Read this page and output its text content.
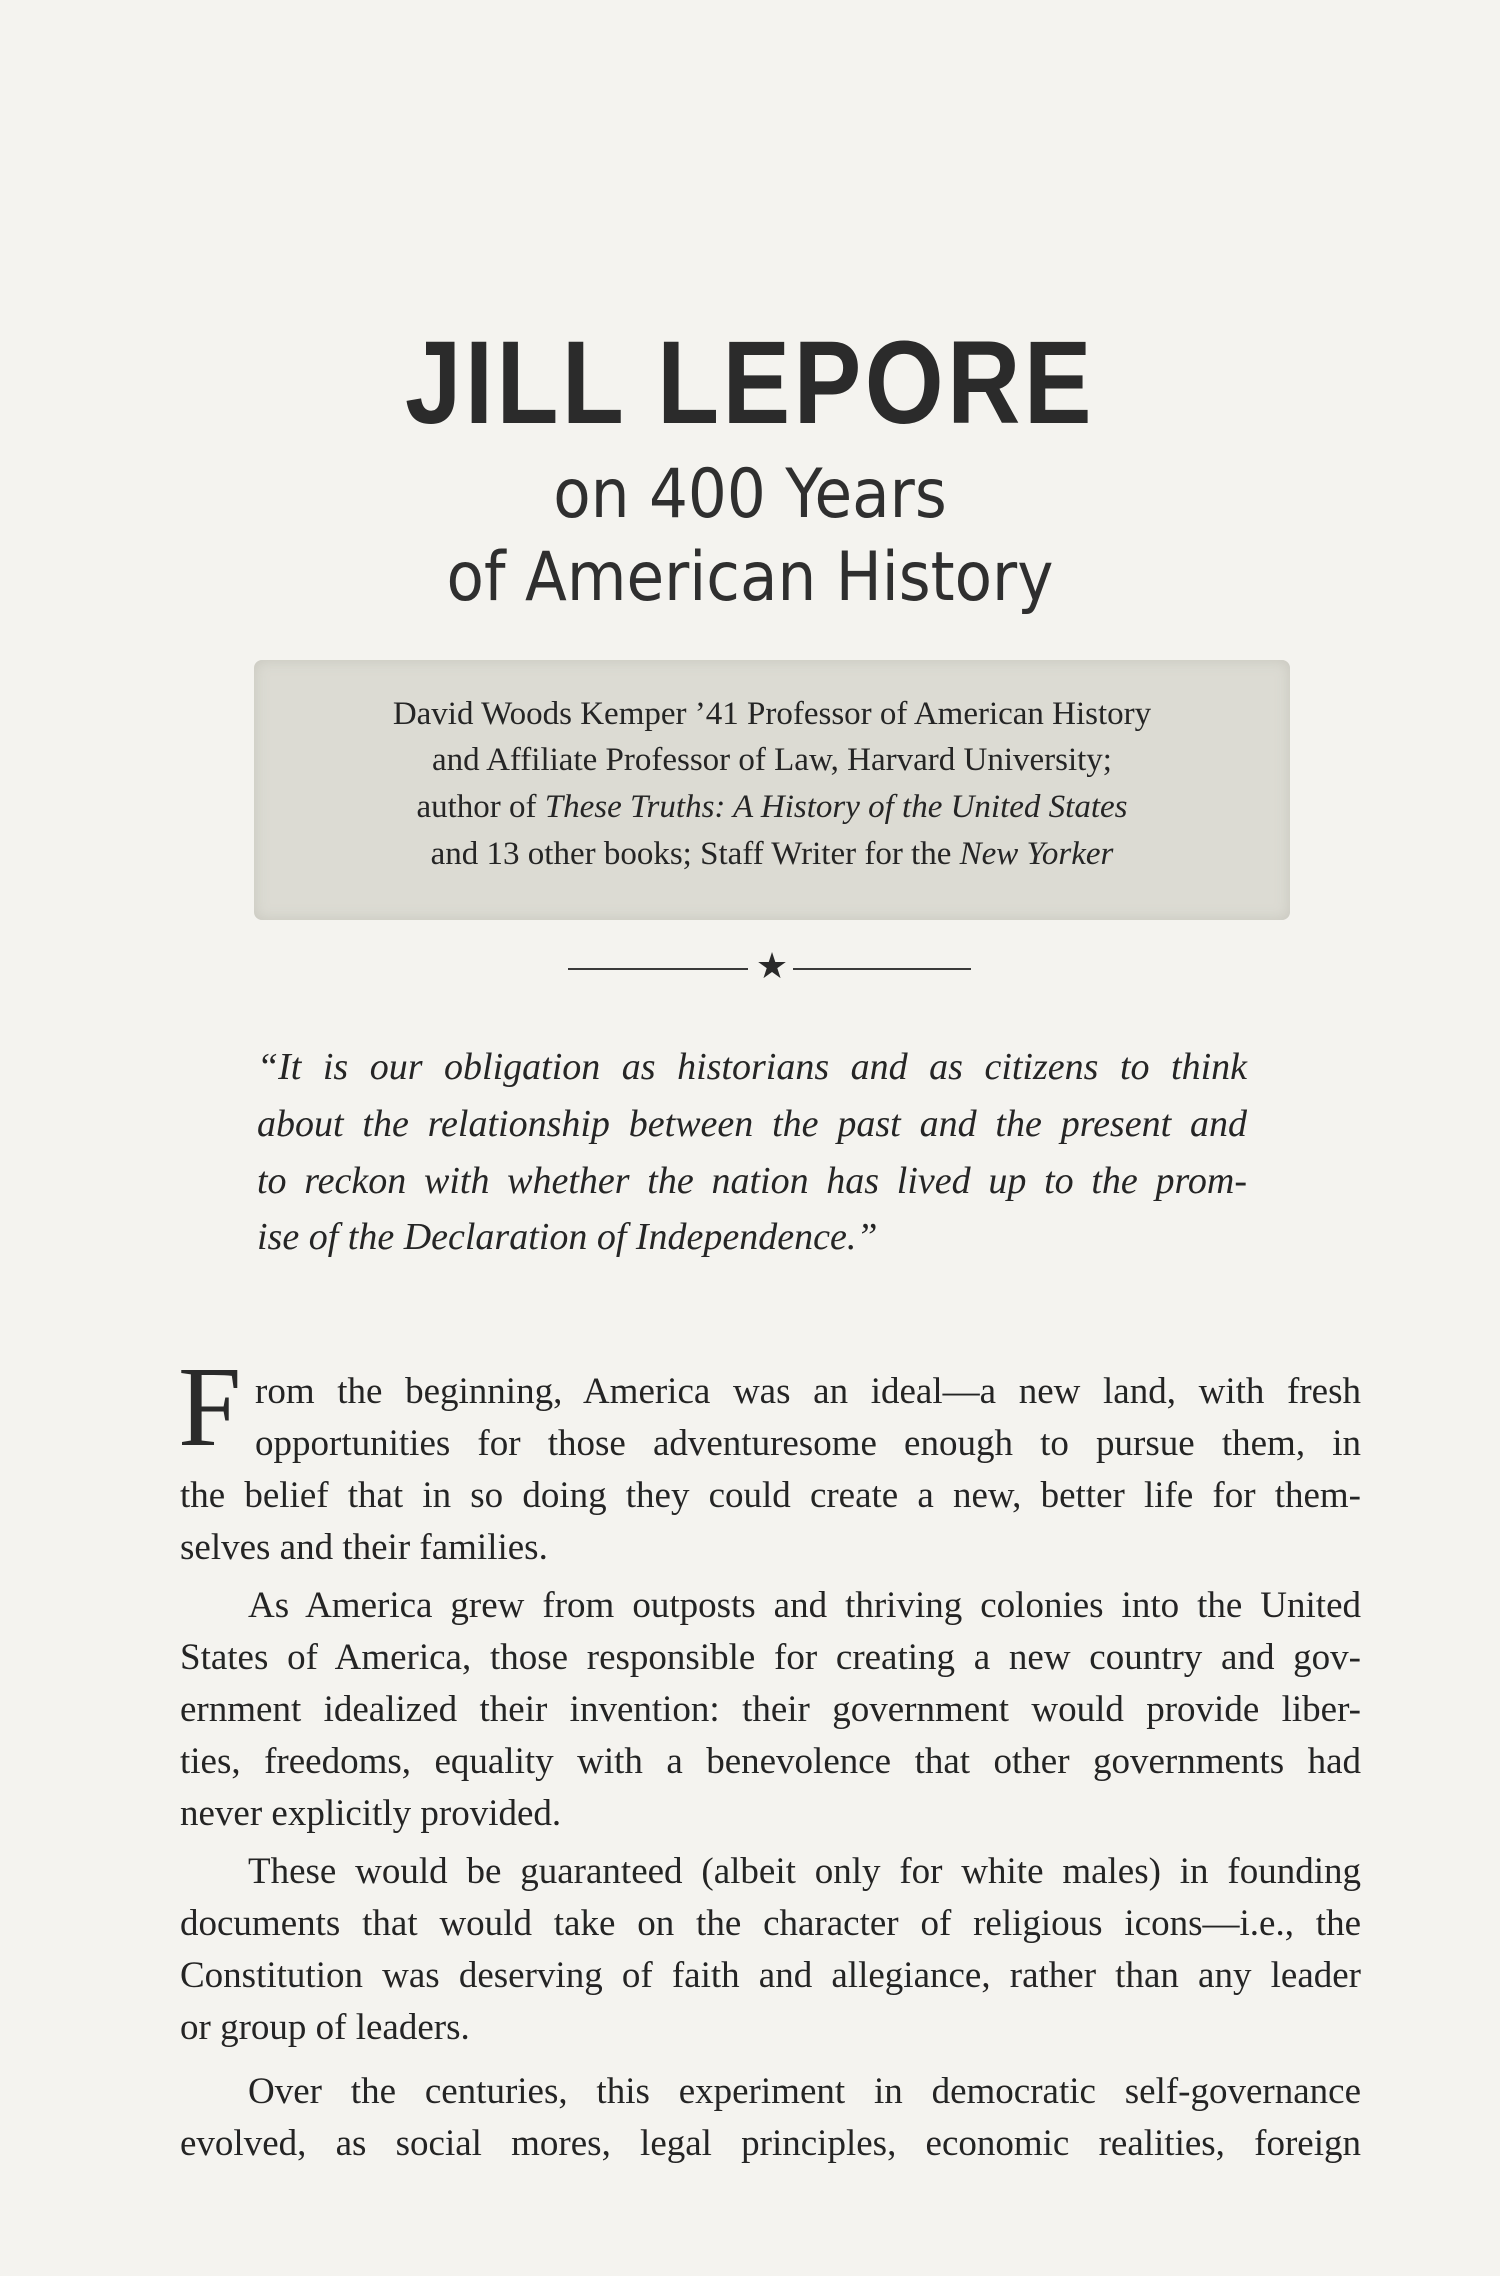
JILL LEPORE
on 400 Years
of American History
David Woods Kemper ’41 Professor of American History
and Affiliate Professor of Law, Harvard University;
author of These Truths: A History of the United States
and 13 other books; Staff Writer for the New Yorker
★
“It is our obligation as historians and as citizens to think
about the relationship between the past and the present and
to reckon with whether the nation has lived up to the prom-
ise of the Declaration of Independence.”
F rom the beginning, America was an ideal—a new land, with fresh
opportunities for those adventuresome enough to pursue them, in
the belief that in so doing they could create a new, better life for them-
selves and their families.
As America grew from outposts and thriving colonies into the United
States of America, those responsible for creating a new country and gov-
ernment idealized their invention: their government would provide liber-
ties, freedoms, equality with a benevolence that other governments had
never explicitly provided.
These would be guaranteed (albeit only for white males) in founding
documents that would take on the character of religious icons—i.e., the
Constitution was deserving of faith and allegiance, rather than any leader
or group of leaders.
Over the centuries, this experiment in democratic self-governance
evolved, as social mores, legal principles, economic realities, foreign
